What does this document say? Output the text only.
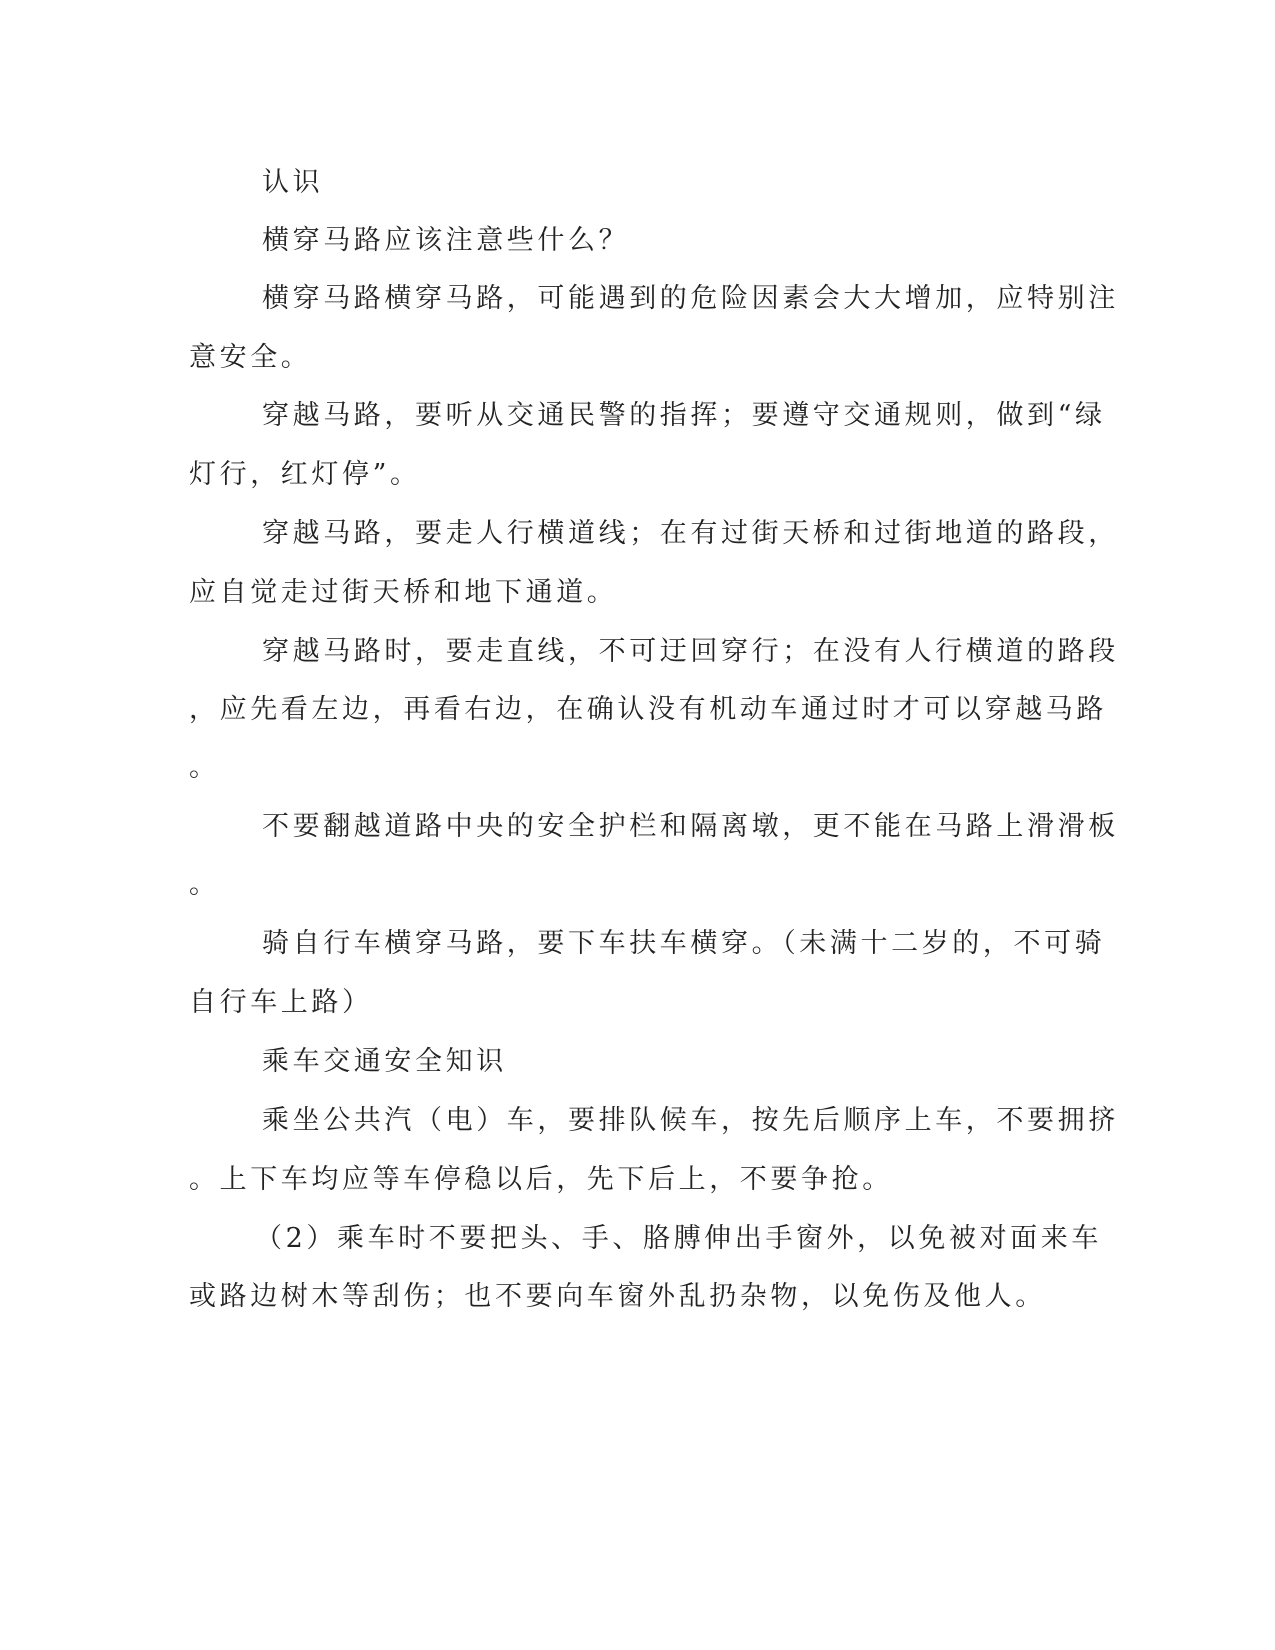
认识
横穿马路应该注意些什么？
横穿马路横穿马路，可能遇到的危险因素会大大增加，应特别注
意安全。
穿越马路，要听从交通民警的指挥；要遵守交通规则，做到“绿
灯行，红灯停”。
穿越马路，要走人行横道线；在有过街天桥和过街地道的路段，
应自觉走过街天桥和地下通道。
穿越马路时，要走直线，不可迂回穿行；在没有人行横道的路段
，应先看左边，再看右边，在确认没有机动车通过时才可以穿越马路
。
不要翻越道路中央的安全护栏和隔离墩，更不能在马路上滑滑板
。
骑自行车横穿马路，要下车扶车横穿。（未满十二岁的，不可骑
自行车上路）
乘车交通安全知识
乘坐公共汽（电）车，要排队候车，按先后顺序上车，不要拥挤
。上下车均应等车停稳以后，先下后上，不要争抢。
（2）乘车时不要把头、手、胳膊伸出手窗外，以免被对面来车
或路边树木等刮伤；也不要向车窗外乱扔杂物，以免伤及他人。
